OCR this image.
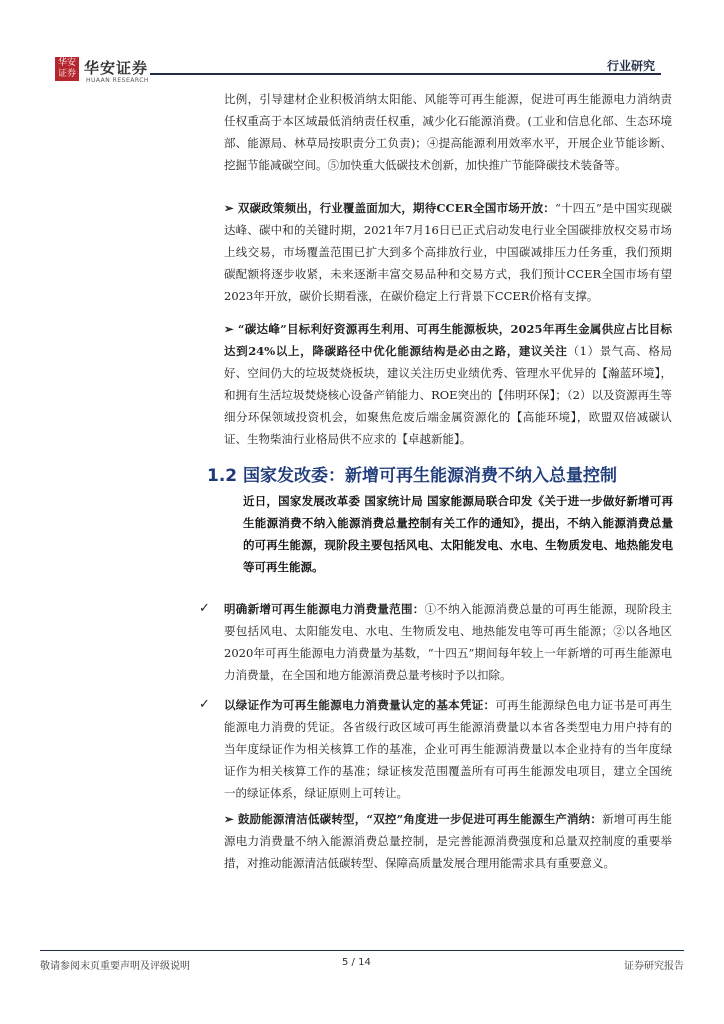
华安证券 华安证券
HUAAN RESEARCH
行业研究

比例，引导建材企业积极消纳太阳能、风能等可再生能源，促进可再生能源电力消纳责任权重高于本区域最低消纳责任权重，减少化石能源消费。(工业和信息化部、生态环境部、能源局、林草局按职责分工负责)；④提高能源利用效率水平，开展企业节能诊断、挖掘节能减碳空间。⑤加快重大低碳技术创新，加快推广节能降碳技术装备等。

➢ 双碳政策频出，行业覆盖面加大，期待CCER全国市场开放：“十四五”是中国实现碳达峰、碳中和的关键时期，2021年7月16日已正式启动发电行业全国碳排放权交易市场上线交易，市场覆盖范围已扩大到多个高排放行业，中国碳减排压力任务重，我们预期碳配额将逐步收紧，未来逐渐丰富交易品种和交易方式，我们预计CCER全国市场有望2023年开放，碳价长期看涨，在碳价稳定上行背景下CCER价格有支撑。

➢ “碳达峰”目标利好资源再生利用、可再生能源板块，2025年再生金属供应占比目标达到24%以上，降碳路径中优化能源结构是必由之路，建议关注（1）景气高、格局好、空间仍大的垃圾焚烧板块，建议关注历史业绩优秀、管理水平优异的【瀚蓝环境】，和拥有生活垃圾焚烧核心设备产销能力、ROE突出的【伟明环保】；（2）以及资源再生等细分环保领域投资机会，如聚焦危废后端金属资源化的【高能环境】，欧盟双倍减碳认证、生物柴油行业格局供不应求的【卓越新能】。

1.2 国家发改委：新增可再生能源消费不纳入总量控制

近日，国家发展改革委 国家统计局 国家能源局联合印发《关于进一步做好新增可再生能源消费不纳入能源消费总量控制有关工作的通知》，提出，不纳入能源消费总量的可再生能源，现阶段主要包括风电、太阳能发电、水电、生物质发电、地热能发电等可再生能源。

✓ 明确新增可再生能源电力消费量范围：①不纳入能源消费总量的可再生能源，现阶段主要包括风电、太阳能发电、水电、生物质发电、地热能发电等可再生能源；②以各地区2020年可再生能源电力消费量为基数，“十四五”期间每年较上一年新增的可再生能源电力消费量，在全国和地方能源消费总量考核时予以扣除。

✓ 以绿证作为可再生能源电力消费量认定的基本凭证：可再生能源绿色电力证书是可再生能源电力消费的凭证。各省级行政区域可再生能源消费量以本省各类型电力用户持有的当年度绿证作为相关核算工作的基准，企业可再生能源消费量以本企业持有的当年度绿证作为相关核算工作的基准；绿证核发范围覆盖所有可再生能源发电项目，建立全国统一的绿证体系，绿证原则上可转让。

➢ 鼓励能源清洁低碳转型，“双控”角度进一步促进可再生能源生产消纳：新增可再生能源电力消费量不纳入能源消费总量控制，是完善能源消费强度和总量双控制度的重要举措，对推动能源清洁低碳转型、保障高质量发展合理用能需求具有重要意义。

敬请参阅末页重要声明及评级说明	5 / 14	证券研究报告
